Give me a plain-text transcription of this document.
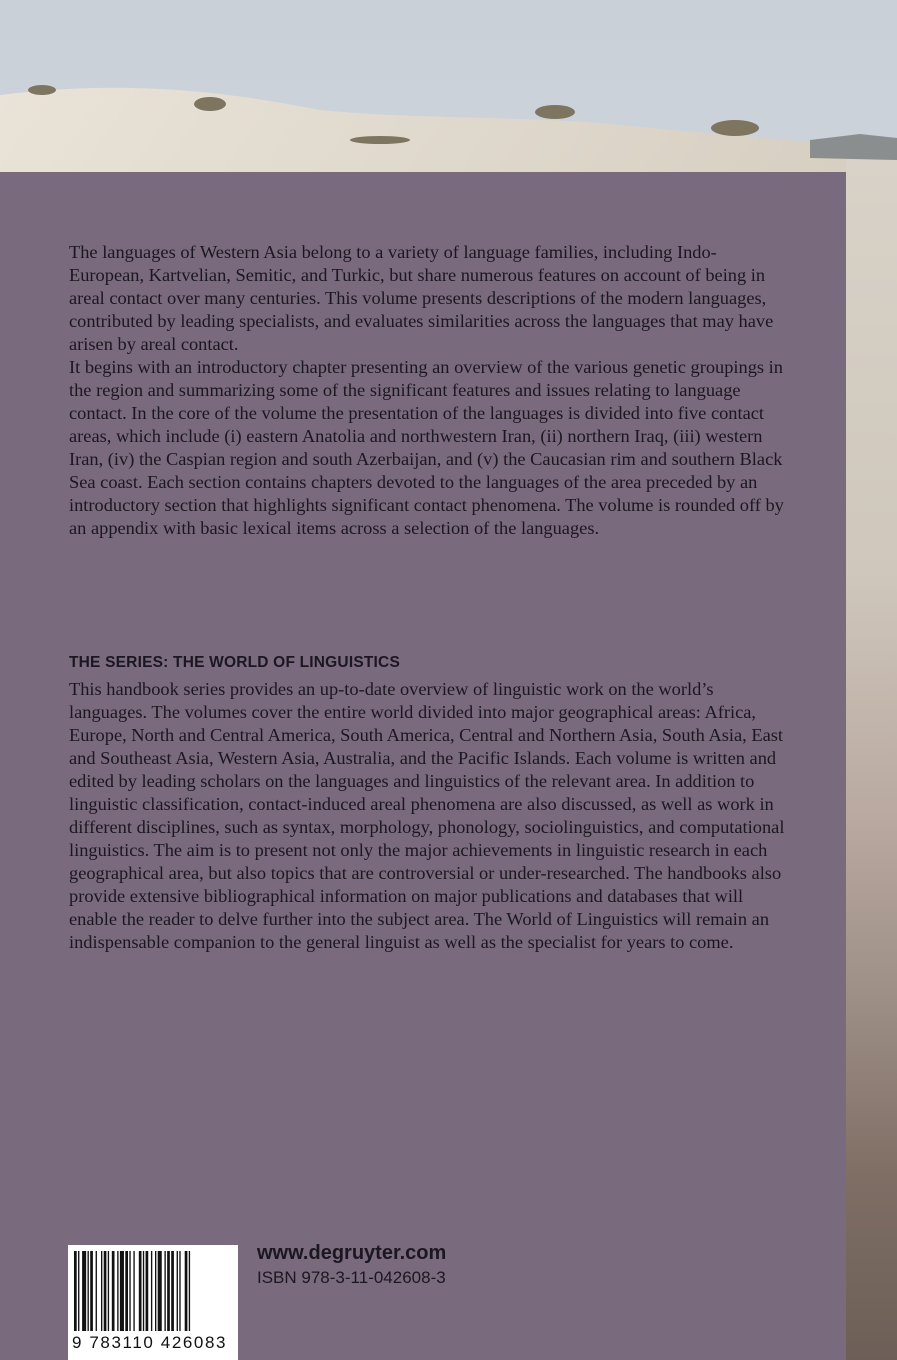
The languages of Western Asia belong to a variety of language families, including Indo-European, Kartvelian, Semitic, and Turkic, but share numerous features on account of being in areal contact over many centuries. This volume presents descriptions of the modern languages, contributed by leading specialists, and evaluates similarities across the languages that may have arisen by areal contact.

It begins with an introductory chapter presenting an overview of the various genetic groupings in the region and summarizing some of the significant features and issues relating to language contact. In the core of the volume the presentation of the languages is divided into five contact areas, which include (i) eastern Anatolia and northwestern Iran, (ii) northern Iraq, (iii) western Iran, (iv) the Caspian region and south Azerbaijan, and (v) the Caucasian rim and southern Black Sea coast. Each section contains chapters devoted to the languages of the area preceded by an introductory section that highlights significant contact phenomena. The volume is rounded off by an appendix with basic lexical items across a selection of the languages.

THE SERIES: THE WORLD OF LINGUISTICS

This handbook series provides an up-to-date overview of linguistic work on the world’s languages. The volumes cover the entire world divided into major geographical areas: Africa, Europe, North and Central America, South America, Central and Northern Asia, South Asia, East and Southeast Asia, Western Asia, Australia, and the Pacific Islands. Each volume is written and edited by leading scholars on the languages and linguistics of the relevant area. In addition to linguistic classification, contact-induced areal phenomena are also discussed, as well as work in different disciplines, such as syntax, morphology, phonology, sociolinguistics, and computational linguistics. The aim is to present not only the major achievements in linguistic research in each geographical area, but also topics that are controversial or under-researched. The handbooks also provide extensive bibliographical information on major publications and databases that will enable the reader to delve further into the subject area. The World of Linguistics will remain an indispensable companion to the general linguist as well as the specialist for years to come.

9 783110 426083
www.degruyter.com
ISBN 978-3-11-042608-3
